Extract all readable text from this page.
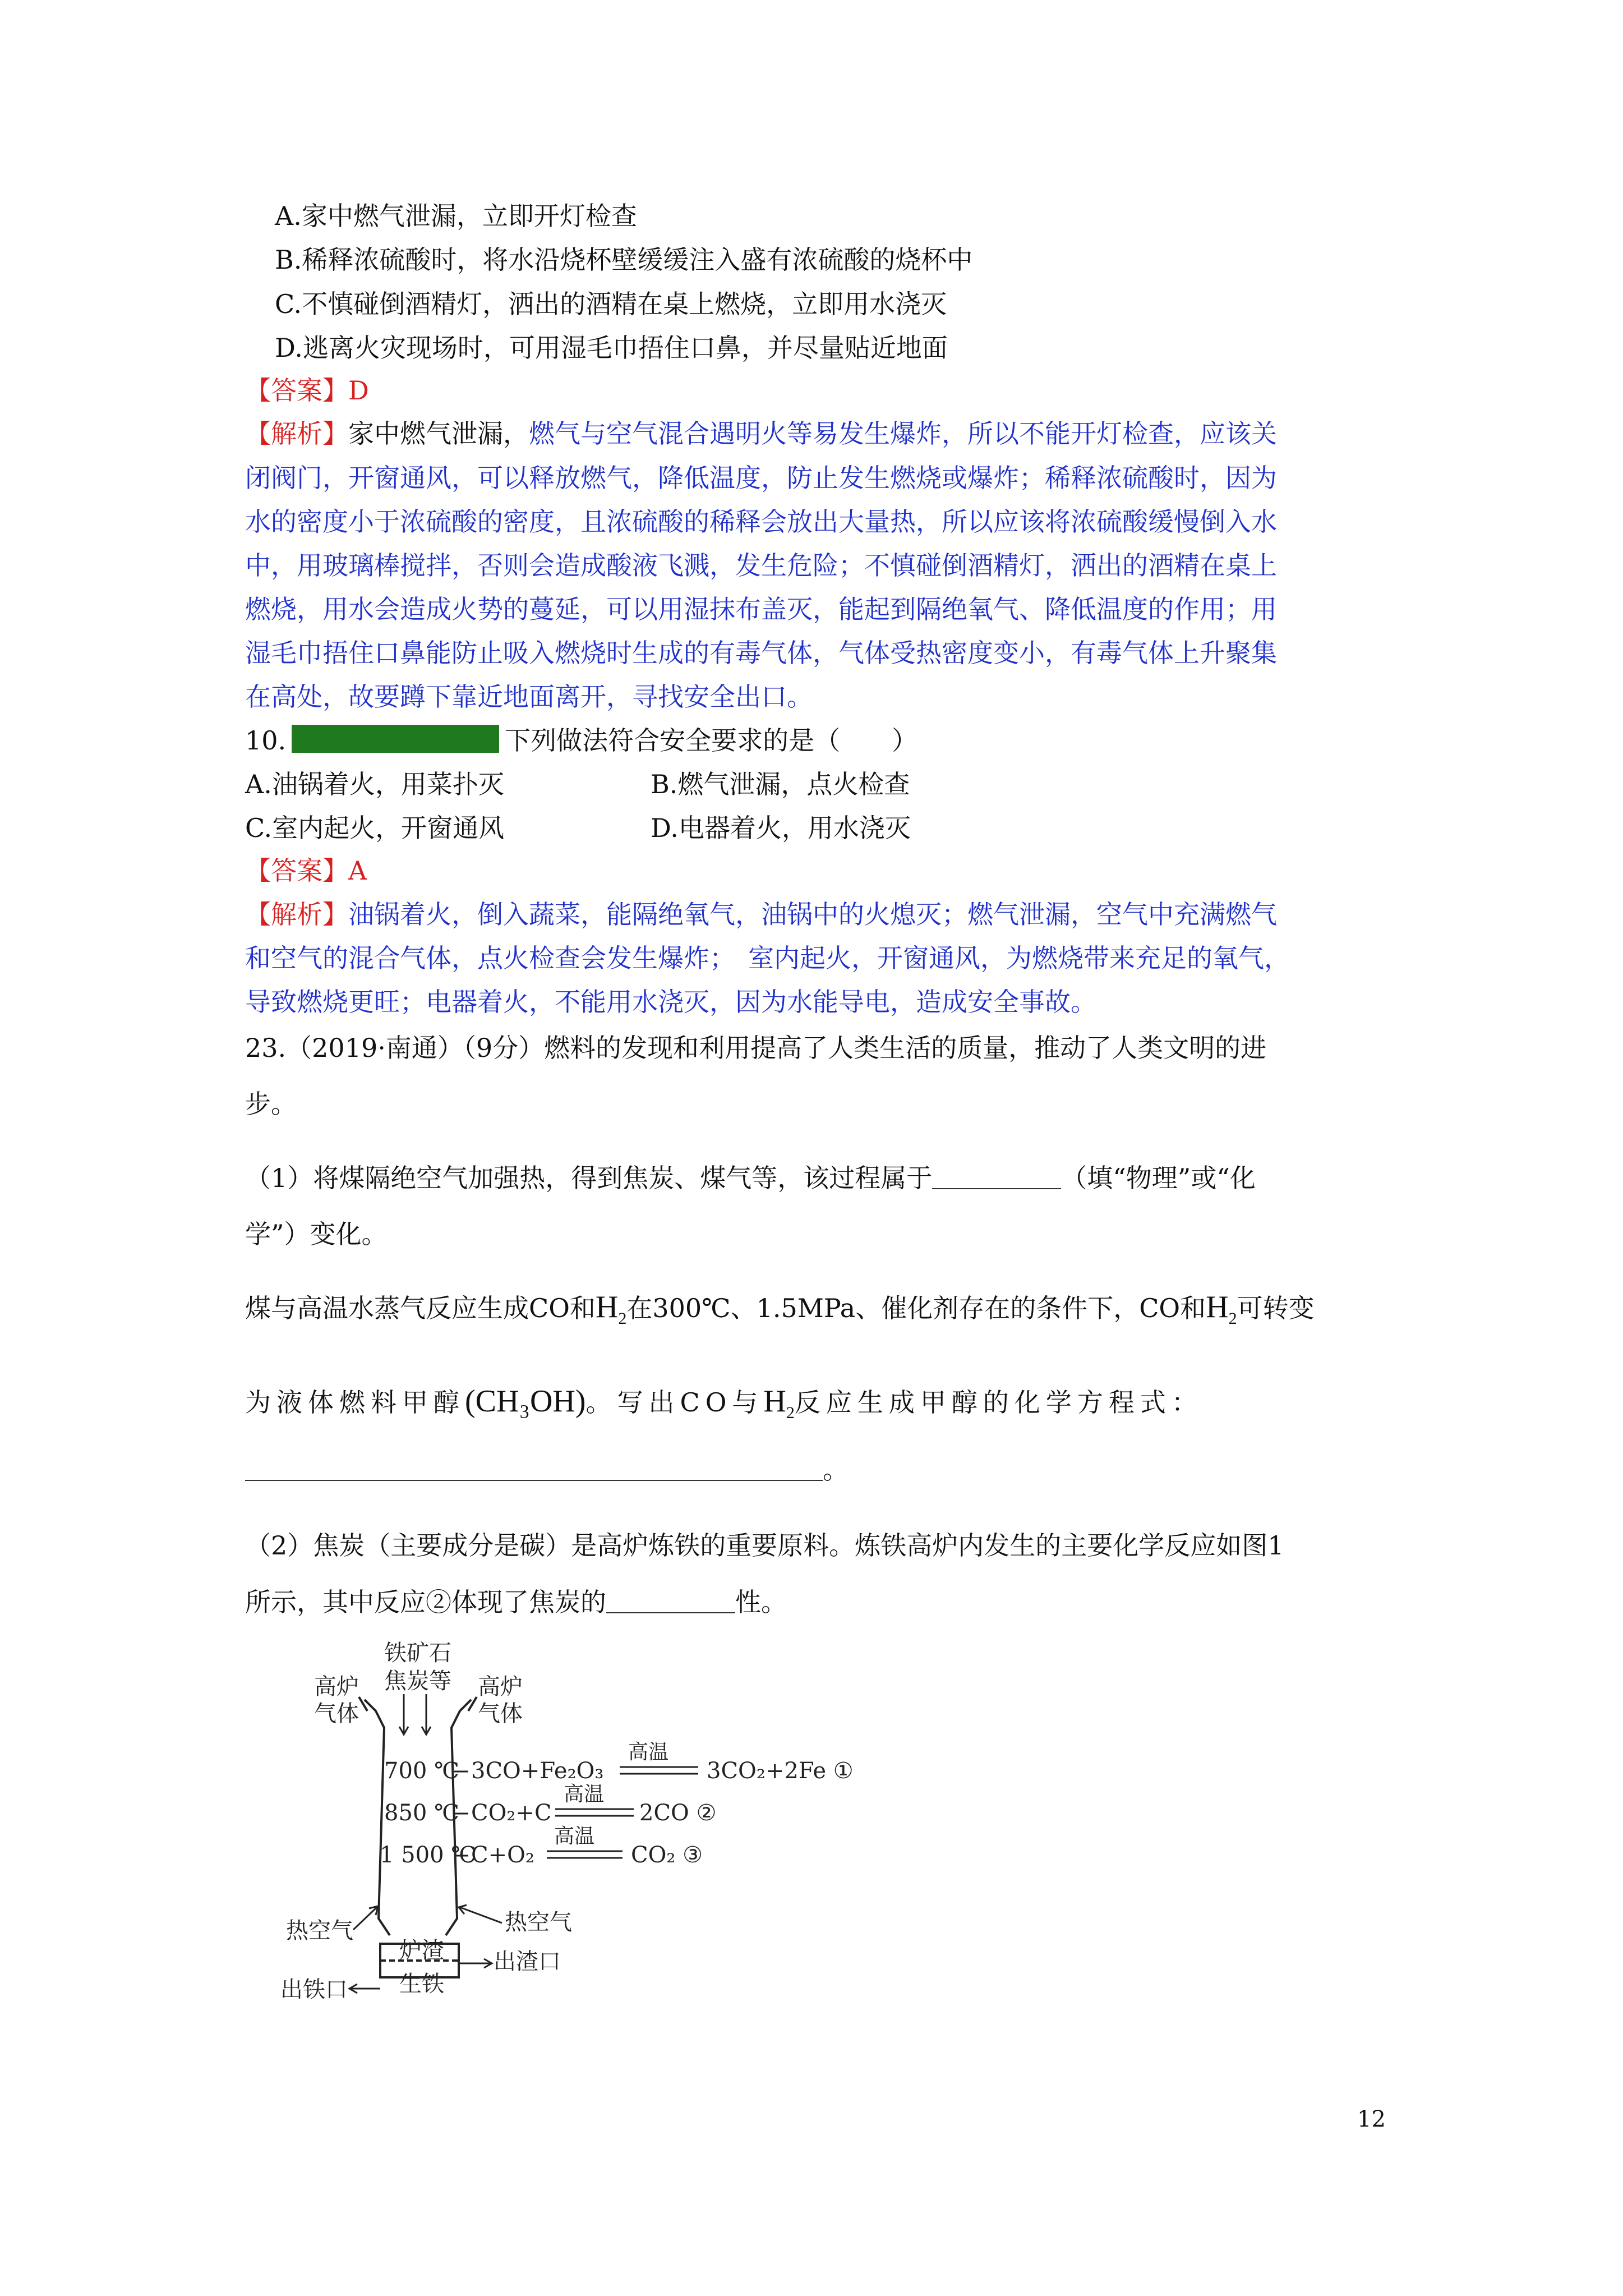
A.家中燃气泄漏，立即开灯检查
B.稀释浓硫酸时，将水沿烧杯壁缓缓注入盛有浓硫酸的烧杯中
C.不慎碰倒酒精灯，洒出的酒精在桌上燃烧，立即用水浇灭
D.逃离火灾现场时，可用湿毛巾捂住口鼻，并尽量贴近地面
【答案】D
【解析】家中燃气泄漏，燃气与空气混合遇明火等易发生爆炸，所以不能开灯检查，应该关
闭阀门，开窗通风，可以释放燃气，降低温度，防止发生燃烧或爆炸；稀释浓硫酸时，因为
水的密度小于浓硫酸的密度，且浓硫酸的稀释会放出大量热，所以应该将浓硫酸缓慢倒入水
中，用玻璃棒搅拌，否则会造成酸液飞溅，发生危险；不慎碰倒酒精灯，洒出的酒精在桌上
燃烧，用水会造成火势的蔓延，可以用湿抹布盖灭，能起到隔绝氧气、降低温度的作用；用
湿毛巾捂住口鼻能防止吸入燃烧时生成的有毒气体，气体受热密度变小，有毒气体上升聚集
在高处，故要蹲下靠近地面离开，寻找安全出口。
10.	下列做法符合安全要求的是（　　）
A.油锅着火，用菜扑灭	B.燃气泄漏，点火检查
C.室内起火，开窗通风	D.电器着火，用水浇灭
【答案】A
【解析】油锅着火，倒入蔬菜，能隔绝氧气，油锅中的火熄灭；燃气泄漏，空气中充满燃气
和空气的混合气体，点火检查会发生爆炸；　室内起火，开窗通风，为燃烧带来充足的氧气，
导致燃烧更旺；电器着火，不能用水浇灭，因为水能导电，造成安全事故。
23.（2019·南通）（9分）燃料的发现和利用提高了人类生活的质量，推动了人类文明的进
步。
（1）将煤隔绝空气加强热，得到焦炭、煤气等，该过程属于	（填“物理”或“化
学”）变化。
煤与高温水蒸气反应生成CO和$H_2$在300℃、1.5MPa、催化剂存在的条件下，CO和$H_2$可转变
为液体燃料甲醇(CH₃OH)。写出CO与$H_2$反应生成甲醇的化学方程式：
。
（2）焦炭（主要成分是碳）是高炉炼铁的重要原料。炼铁高炉内发生的主要化学反应如图1
所示，其中反应②体现了焦炭的	性。
铁矿石
焦炭等
高炉
气体
高炉
气体
700 ℃
850 ℃
1 500 ℃
3CO+Fe₂O₃
高温
3CO₂+2Fe ①
CO₂+C
高温
2CO ②
C+O₂
高温
CO₂ ③
热空气	热空气
炉渣
生铁
出渣口
出铁口
12
